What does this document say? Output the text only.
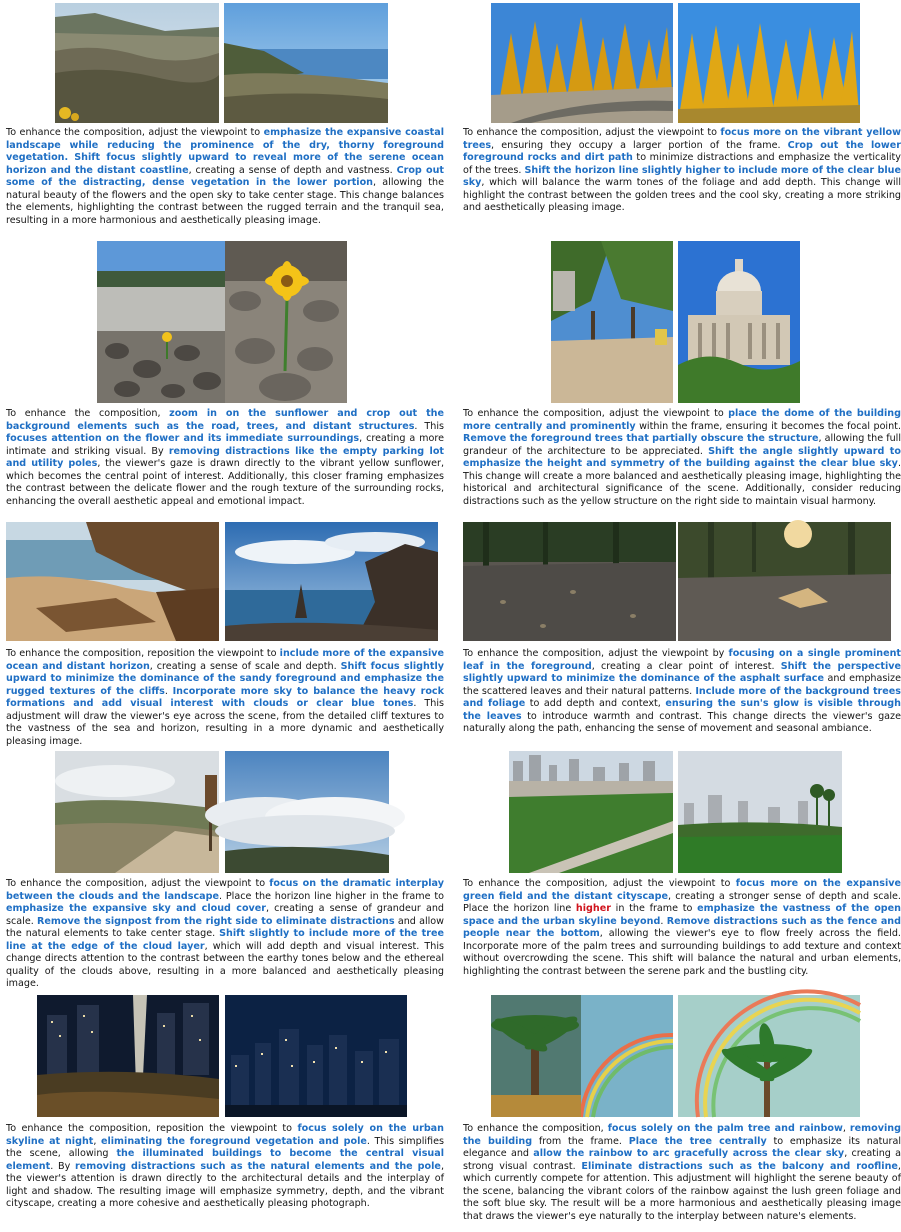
To enhance the composition, adjust the viewpoint to emphasize the expansive coastal landscape while reducing the prominence of the dry, thorny foreground vegetation. Shift focus slightly upward to reveal more of the serene ocean horizon and the distant coastline, creating a sense of depth and vastness. Crop out some of the distracting, dense vegetation in the lower portion, allowing the natural beauty of the flowers and the open sky to take center stage. This change balances the elements, highlighting the contrast between the rugged terrain and the tranquil sea, resulting in a more harmonious and aesthetically pleasing image.

To enhance the composition, adjust the viewpoint to focus more on the vibrant yellow trees, ensuring they occupy a larger portion of the frame. Crop out the lower foreground rocks and dirt path to minimize distractions and emphasize the verticality of the trees. Shift the horizon line slightly higher to include more of the clear blue sky, which will balance the warm tones of the foliage and add depth. This change will highlight the contrast between the golden trees and the cool sky, creating a more striking and aesthetically pleasing image.

To enhance the composition, zoom in on the sunflower and crop out the background elements such as the road, trees, and distant structures. This focuses attention on the flower and its immediate surroundings, creating a more intimate and striking visual. By removing distractions like the empty parking lot and utility poles, the viewer's gaze is drawn directly to the vibrant yellow sunflower, which becomes the central point of interest. Additionally, this closer framing emphasizes the contrast between the delicate flower and the rough texture of the surrounding rocks, enhancing the overall aesthetic appeal and emotional impact.

To enhance the composition, adjust the viewpoint to place the dome of the building more centrally and prominently within the frame, ensuring it becomes the focal point. Remove the foreground trees that partially obscure the structure, allowing the full grandeur of the architecture to be appreciated. Shift the angle slightly upward to emphasize the height and symmetry of the building against the clear blue sky. This change will create a more balanced and aesthetically pleasing image, highlighting the historical and architectural significance of the scene. Additionally, consider reducing distractions such as the yellow structure on the right side to maintain visual harmony.

To enhance the composition, reposition the viewpoint to include more of the expansive ocean and distant horizon, creating a sense of scale and depth. Shift focus slightly upward to minimize the dominance of the sandy foreground and emphasize the rugged textures of the cliffs. Incorporate more sky to balance the heavy rock formations and add visual interest with clouds or clear blue tones. This adjustment will draw the viewer's eye across the scene, from the detailed cliff textures to the vastness of the sea and horizon, resulting in a more dynamic and aesthetically pleasing image.

To enhance the composition, adjust the viewpoint by focusing on a single prominent leaf in the foreground, creating a clear point of interest. Shift the perspective slightly upward to minimize the dominance of the asphalt surface and emphasize the scattered leaves and their natural patterns. Include more of the background trees and foliage to add depth and context, ensuring the sun's glow is visible through the leaves to introduce warmth and contrast. This change directs the viewer's gaze naturally along the path, enhancing the sense of movement and seasonal ambiance.

To enhance the composition, adjust the viewpoint to focus on the dramatic interplay between the clouds and the landscape. Place the horizon line higher in the frame to emphasize the expansive sky and cloud cover, creating a sense of grandeur and scale. Remove the signpost from the right side to eliminate distractions and allow the natural elements to take center stage. Shift slightly to include more of the tree line at the edge of the cloud layer, which will add depth and visual interest. This change directs attention to the contrast between the earthy tones below and the ethereal quality of the clouds above, resulting in a more balanced and aesthetically pleasing image.

To enhance the composition, adjust the viewpoint to focus more on the expansive green field and the distant cityscape, creating a stronger sense of depth and scale. Place the horizon line higher in the frame to emphasize the vastness of the open space and the urban skyline beyond. Remove distractions such as the fence and people near the bottom, allowing the viewer's eye to flow freely across the field. Incorporate more of the palm trees and surrounding buildings to add texture and context without overcrowding the scene. This shift will balance the natural and urban elements, highlighting the contrast between the serene park and the bustling city.

To enhance the composition, reposition the viewpoint to focus solely on the urban skyline at night, eliminating the foreground vegetation and pole. This simplifies the scene, allowing the illuminated buildings to become the central visual element. By removing distractions such as the natural elements and the pole, the viewer's attention is drawn directly to the architectural details and the interplay of light and shadow. The resulting image will emphasize symmetry, depth, and the vibrant cityscape, creating a more cohesive and aesthetically pleasing photograph.

To enhance the composition, focus solely on the palm tree and rainbow, removing the building from the frame. Place the tree centrally to emphasize its natural elegance and allow the rainbow to arc gracefully across the clear sky, creating a strong visual contrast. Eliminate distractions such as the balcony and roofline, which currently compete for attention. This adjustment will highlight the serene beauty of the scene, balancing the vibrant colors of the rainbow against the lush green foliage and the soft blue sky. The result will be a more harmonious and aesthetically pleasing image that draws the viewer's eye naturally to the interplay between nature's elements.
